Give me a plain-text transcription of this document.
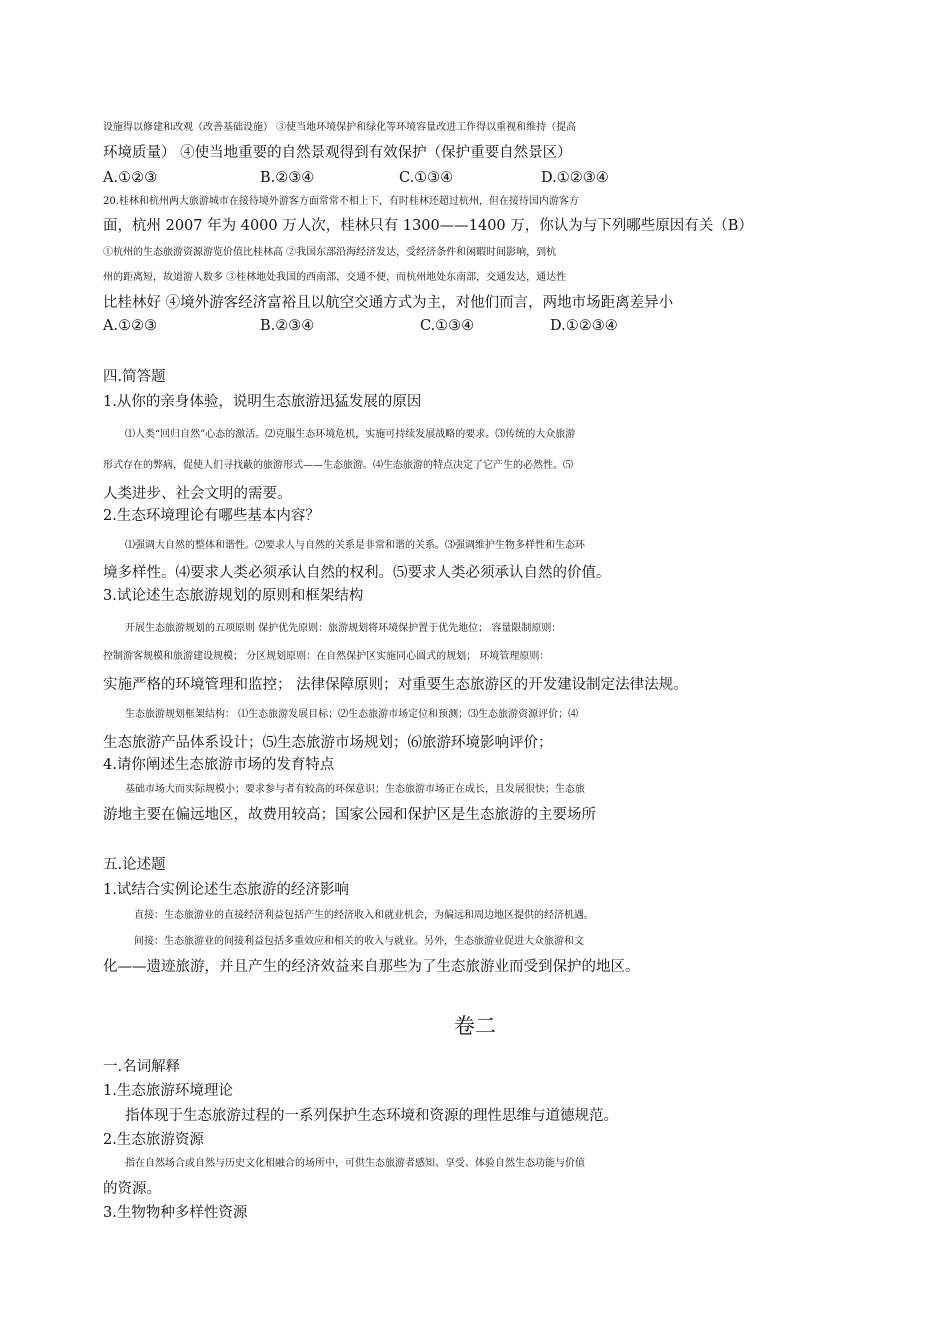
设施得以修建和改观（改善基础设施） ③使当地环境保护和绿化等环境容量改进工作得以重视和维持（提高
环境质量） ④使当地重要的自然景观得到有效保护（保护重要自然景区）
A.①②③	B.②③④	C.①③④	D.①②③④
20.桂林和杭州两大旅游城市在接待境外游客方面常常不相上下，有时桂林还超过杭州，但在接待国内游客方
面，杭州 2007 年为 4000 万人次，桂林只有 1300——1400 万，你认为与下列哪些原因有关（B）
①杭州的生态旅游资源游览价值比桂林高 ②我国东部沿海经济发达，受经济条件和闲暇时间影响，到杭
州的距离短，故道游人数多 ③桂林地处我国的西南部，交通不便，而杭州地处东南部，交通发达，通达性
比桂林好 ④境外游客经济富裕且以航空交通方式为主，对他们而言，两地市场距离差异小
A.①②③	B.②③④	C.①③④	D.①②③④
四.简答题
1.从你的亲身体验，说明生态旅游迅猛发展的原因
⑴人类“回归自然”心态的激活。⑵克服生态环境危机，实施可持续发展战略的要求。⑶传统的大众旅游
形式存在的弊病，促使人们寻找蔽的旅游形式——生态旅游。⑷生态旅游的特点决定了它产生的必然性。⑸
人类进步、社会文明的需要。
2.生态环境理论有哪些基本内容？
⑴强调大自然的整体和谐性。⑵要求人与自然的关系是非常和谐的关系。⑶强调维护生物多样性和生态环
境多样性。⑷要求人类必须承认自然的权利。⑸要求人类必须承认自然的价值。
3.试论述生态旅游规划的原则和框架结构
开展生态旅游规划的五项原则 保护优先原则：旅游规划将环境保护置于优先地位； 容量限制原则：
控制游客规模和旅游建设规模； 分区规划原则：在自然保护区实施同心圆式的规划； 环境管理原则：
实施严格的环境管理和监控； 法律保障原则；对重要生态旅游区的开发建设制定法律法规。
生态旅游规划框架结构： ⑴生态旅游发展目标；⑵生态旅游市场定位和预测；⑶生态旅游资源评价；⑷
生态旅游产品体系设计；⑸生态旅游市场规划；⑹旅游环境影响评价；
4.请你阐述生态旅游市场的发育特点
基础市场大而实际规模小；要求参与者有较高的环保意识；生态旅游市场正在成长，且发展很快；生态旅
游地主要在偏远地区，故费用较高；国家公园和保护区是生态旅游的主要场所
五.论述题
1.试结合实例论述生态旅游的经济影响
直接：生态旅游业的直接经济利益包括产生的经济收入和就业机会，为偏远和周边地区提供的经济机遇。
间接：生态旅游业的间接利益包括多重效应和相关的收入与就业。另外，生态旅游业促进大众旅游和文
化——遗迹旅游，并且产生的经济效益来自那些为了生态旅游业而受到保护的地区。
卷二
一.名词解释
1.生态旅游环境理论
指体现于生态旅游过程的一系列保护生态环境和资源的理性思维与道德规范。
2.生态旅游资源
指在自然场合或自然与历史文化相融合的场所中，可供生态旅游者感知、享受、体验自然生态功能与价值
的资源。
3.生物物种多样性资源
